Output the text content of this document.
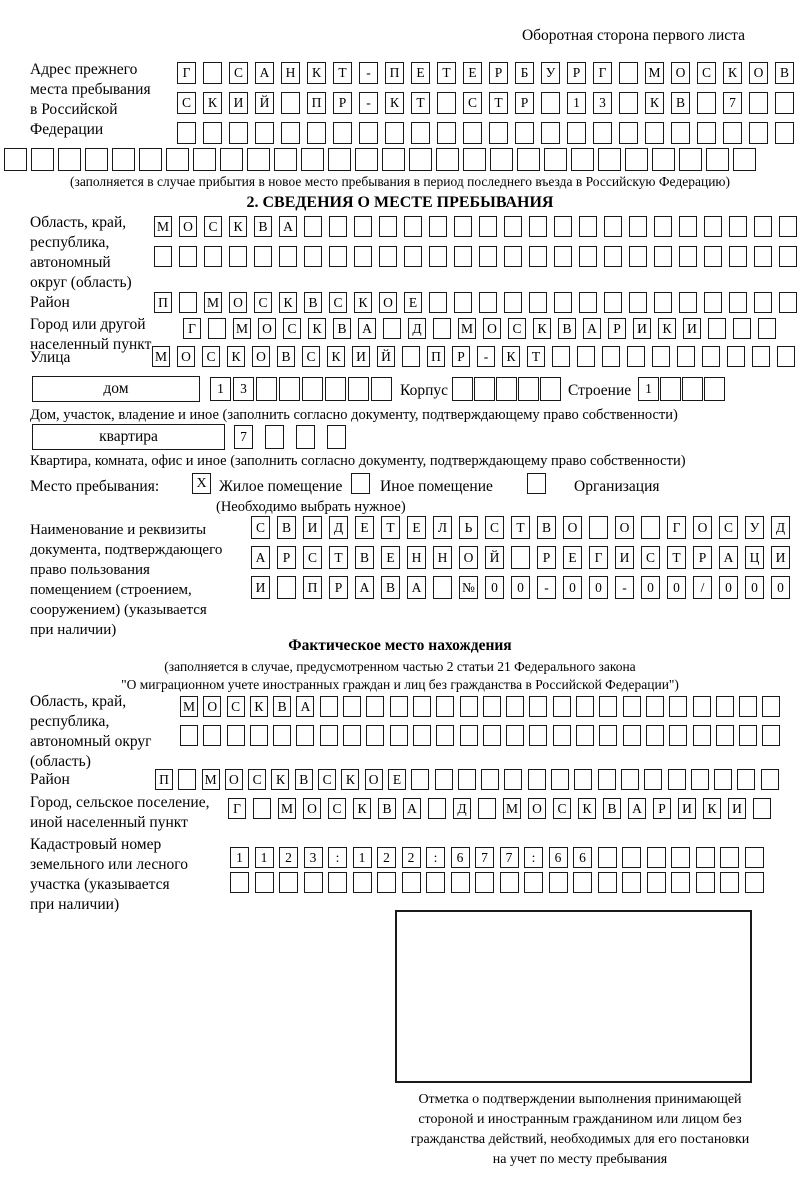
Оборотная сторона первого листа
Адрес прежнего
места пребывания
в Российской
Федерации
Г	С	А	Н	К	Т	-	П	Е	Т	Е	Р	Б	У	Р	Г	М	О	С	К	О	В
С	К	И	Й	П	Р	-	К	Т	С	Т	Р	1	3	К	В	7
(заполняется в случае прибытия в новое место пребывания в период последнего въезда в Российскую Федерацию)
2. СВЕДЕНИЯ О МЕСТЕ ПРЕБЫВАНИЯ
Область, край,
республика,
автономный
округ (область)
М	О	С	К	В	А
Район	П	М	О	С	К	В	С	К	О	Е
Город или другой
населенный пункт
Г	М	О	С	К	В	А	Д	М	О	С	К	В	А	Р	И	К	И
Улица	М	О	С	К	О	В	С	К	И	Й	П	Р	-	К	Т
дом	1	3	Корпус	Строение	1
Дом, участок, владение и иное (заполнить согласно документу, подтверждающему право собственности)
квартира	7
Квартира, комната, офис и иное (заполнить согласно документу, подтверждающему право собственности)
Место пребывания:	X Жилое помещение Иное помещение	Организация
(Необходимо выбрать нужное)
Наименование и реквизиты
документа, подтверждающего
право пользования
помещением (строением,
сооружением) (указывается
при наличии)
С	В	И	Д	Е	Т	Е	Л	Ь	С	Т	В	О	О	Г	О	С	У	Д
А	Р	С	Т	В	Е	Н	Н	О	Й	Р	Е	Г	И	С	Т	Р	А	Ц	И
И	П	Р	А	В	А	№	0	0	-	0	0	-	0	0	/	0	0	0
Фактическое место нахождения
(заполняется в случае, предусмотренном частью 2 статьи 21 Федерального закона
"О миграционном учете иностранных граждан и лиц без гражданства в Российской Федерации")
Область, край,
республика,
автономный округ
(область)
М О	С	К	В	А
Район	П	М О	С	К	В	С	К	О	Е
Город, сельское поселение,
иной населенный пункт
Г	М	О	С	К	В	А	Д	М	О	С	К	В	А	Р	И	К	И
Кадастровый номер
земельного или лесного
участка (указывается
при наличии)
1	1	2	3	:	1	2	2	:	6	7	7	:	6	6
Отметка о подтверждении выполнения принимающей
стороной и иностранным гражданином или лицом без
гражданства действий, необходимых для его постановки
на учет по месту пребывания
